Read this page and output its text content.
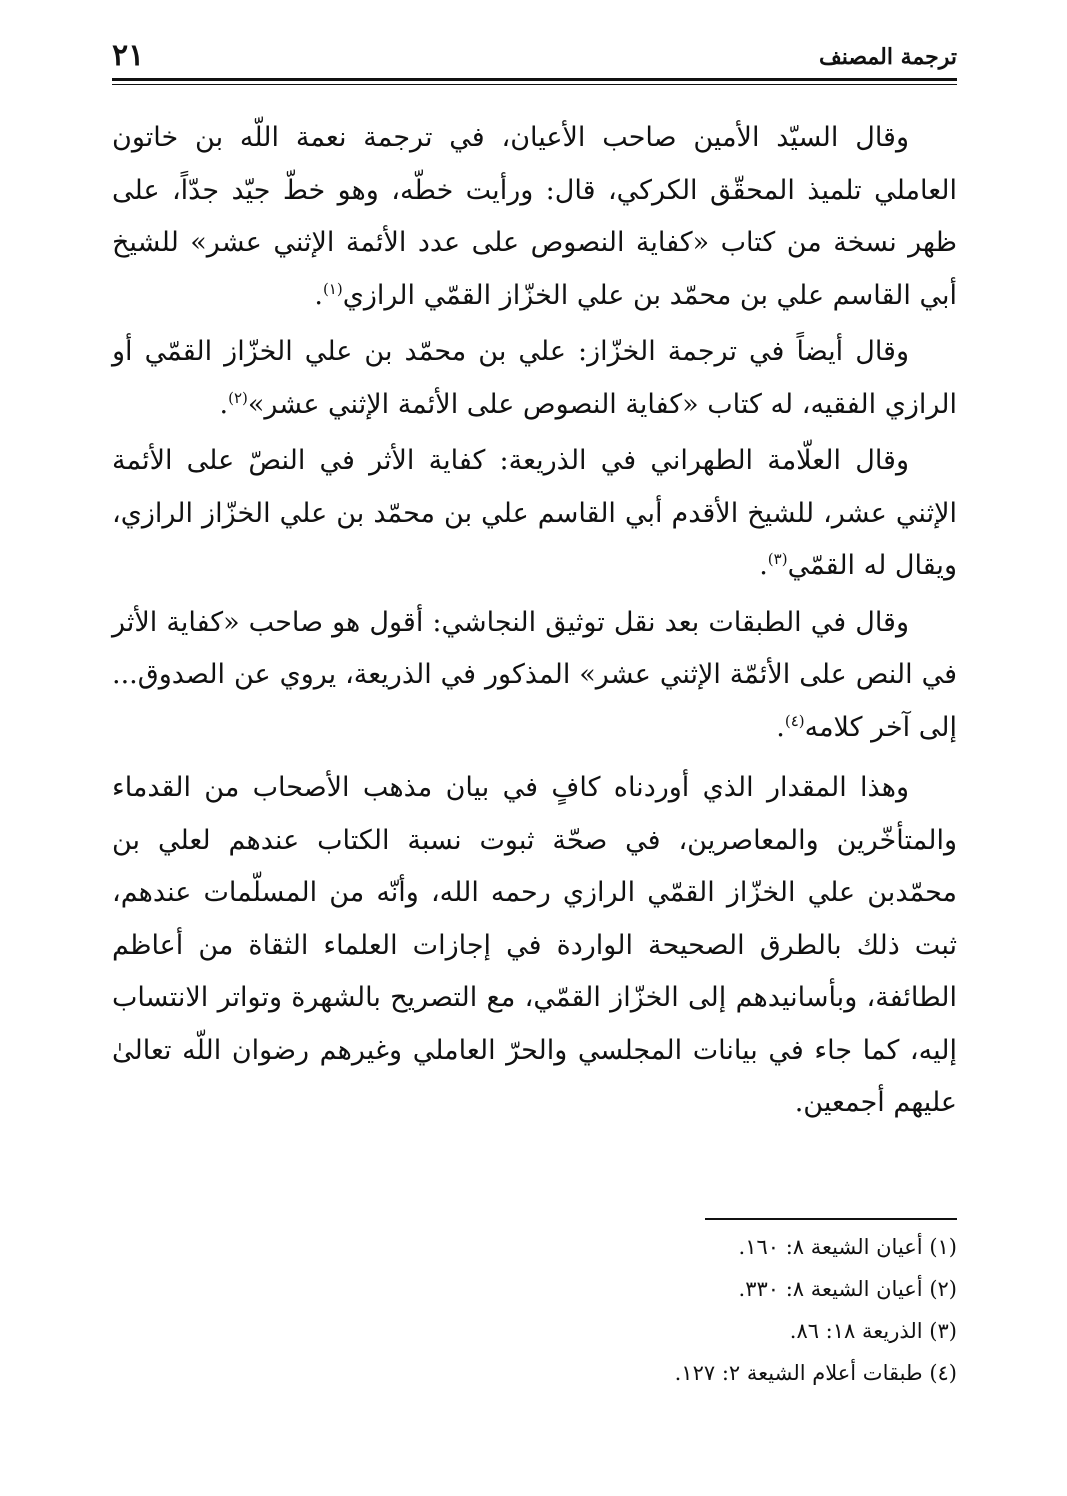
ترجمة المصنف
٢١

وقال السيّد الأمين صاحب الأعيان، في ترجمة نعمة اللّه بن خاتون العاملي تلميذ المحقّق الكركي، قال: ورأيت خطّه، وهو خطّ جيّد جدّاً، على ظهر نسخة من كتاب «كفاية النصوص على عدد الأئمة الإثني عشر» للشيخ أبي القاسم علي بن محمّد بن علي الخزّاز القمّي الرازي$^{(١)}$.

وقال أيضاً في ترجمة الخزّاز: علي بن محمّد بن علي الخزّاز القمّي أو الرازي الفقيه، له كتاب «كفاية النصوص على الأئمة الإثني عشر»$^{(٢)}$.

وقال العلّامة الطهراني في الذريعة: كفاية الأثر في النصّ على الأئمة الإثني عشر، للشيخ الأقدم أبي القاسم علي بن محمّد بن علي الخزّاز الرازي، ويقال له القمّي$^{(٣)}$.

وقال في الطبقات بعد نقل توثيق النجاشي: أقول هو صاحب «كفاية الأثر في النص على الأئمّة الإثني عشر» المذكور في الذريعة، يروي عن الصدوق... إلى آخر كلامه$^{(٤)}$.

وهذا المقدار الذي أوردناه كافٍ في بيان مذهب الأصحاب من القدماء والمتأخّرين والمعاصرين، في صحّة ثبوت نسبة الكتاب عندهم لعلي بن محمّدبن علي الخزّاز القمّي الرازي رحمه الله، وأنّه من المسلّمات عندهم، ثبت ذلك بالطرق الصحيحة الواردة في إجازات العلماء الثقاة من أعاظم الطائفة، وبأسانيدهم إلى الخزّاز القمّي، مع التصريح بالشهرة وتواتر الانتساب إليه، كما جاء في بيانات المجلسي والحرّ العاملي وغيرهم رضوان اللّه تعالىٰ عليهم أجمعين.

(١) أعيان الشيعة ٨: ١٦٠.
(٢) أعيان الشيعة ٨: ٣٣٠.
(٣) الذريعة ١٨: ٨٦.
(٤) طبقات أعلام الشيعة ٢: ١٢٧.
